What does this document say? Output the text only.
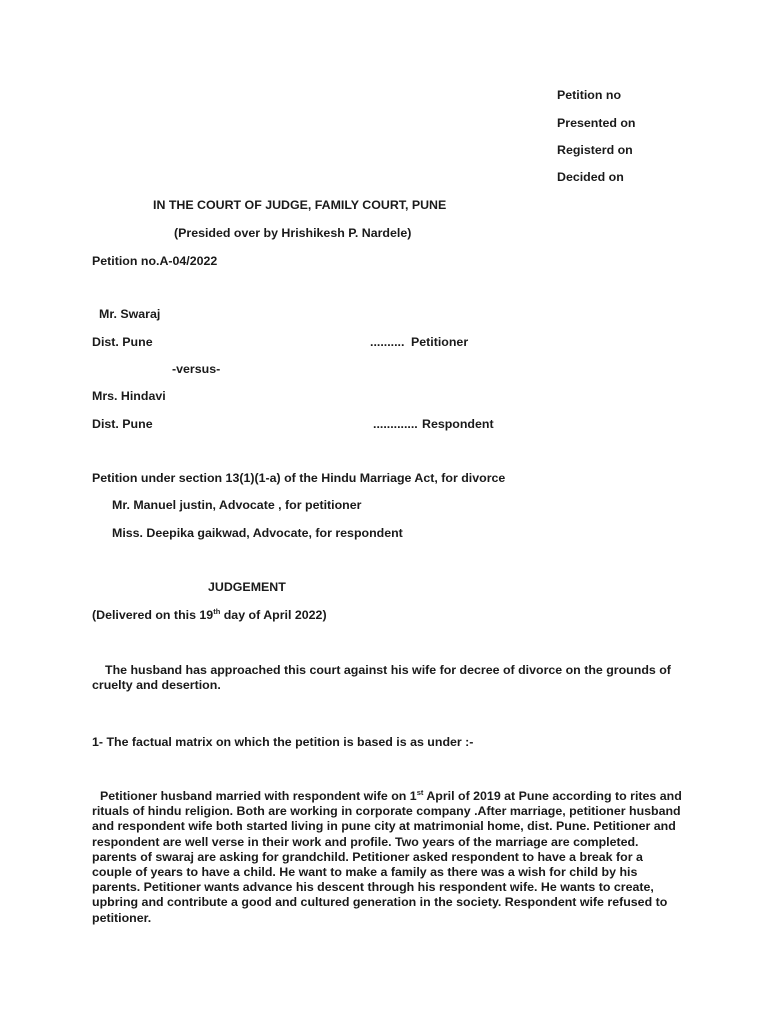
Petition no
Presented on
Registerd on
Decided on
IN THE COURT OF JUDGE, FAMILY COURT, PUNE
(Presided over by Hrishikesh P. Nardele)
Petition no.A-04/2022
Mr. Swaraj
Dist. Pune	.......... Petitioner
-versus-
Mrs. Hindavi
Dist. Pune	............. Respondent
Petition under section 13(1)(1-a) of the Hindu Marriage Act, for divorce
Mr. Manuel justin, Advocate , for petitioner
Miss. Deepika gaikwad, Advocate, for respondent
JUDGEMENT
(Delivered on this 19th day of April 2022)
The husband has approached this court against his wife for decree of divorce on the grounds of cruelty and desertion.
1- The factual matrix on which the petition is based is as under :-
Petitioner husband married with respondent wife on 1st April of 2019 at Pune according to rites and rituals of hindu religion. Both are working in corporate company .After marriage, petitioner husband and respondent wife both started living in pune city at matrimonial home, dist. Pune. Petitioner and respondent are well verse in their work and profile. Two years of the marriage are completed. parents of swaraj are asking for grandchild. Petitioner asked respondent to have a break for a couple of years to have a child. He want to make a family as there was a wish for child by his parents. Petitioner wants advance his descent through his respondent wife. He wants to create, upbring and contribute a good and cultured generation in the society. Respondent wife refused to petitioner.
